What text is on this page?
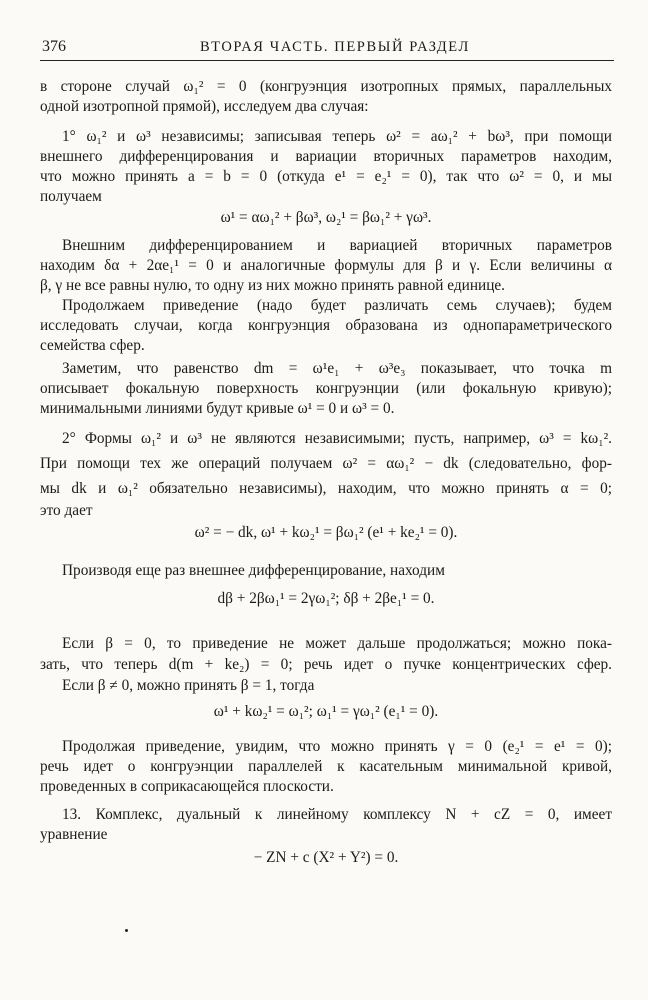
376	ВТОРАЯ ЧАСТЬ. ПЕРВЫЙ РАЗДЕЛ
в стороне случай ω₁² = 0 (конгруэнция изотропных прямых, параллельных
одной изотропной прямой), исследуем два случая:
1° ω₁² и ω³ независимы; записывая теперь ω² = aω₁² + bω³, при помощи
внешнего дифференцирования и вариации вторичных параметров находим,
что можно принять a = b = 0 (откуда e¹ = e₂¹ = 0), так что ω² = 0, и мы
получаем
ω¹ = αω₁² + βω³, ω₂¹ = βω₁² + γω³.
Внешним дифференцированием и вариацией вторичных параметров
находим δα + 2αe₁¹ = 0 и аналогичные формулы для β и γ. Если величины α
β, γ не все равны нулю, то одну из них можно принять равной единице.
Продолжаем приведение (надо будет различать семь случаев); будем
исследовать случаи, когда конгруэнция образована из однопараметрического
семейства сфер.
Заметим, что равенство dm = ω¹e₁ + ω³e₃ показывает, что точка m
описывает фокальную поверхность конгруэнции (или фокальную кривую);
минимальными линиями будут кривые ω¹ = 0 и ω³ = 0.
2° Формы ω₁² и ω³ не являются независимыми; пусть, например, ω³ = kω₁².
При помощи тех же операций получаем ω² = αω₁² − dk (следовательно, фор-
мы dk и ω₁² обязательно независимы), находим, что можно принять α = 0;
это дает
ω² = − dk, ω¹ + kω₂¹ = βω₁² (e¹ + ke₂¹ = 0).
Производя еще раз внешнее дифференцирование, находим
dβ + 2βω₁¹ = 2γω₁²; δβ + 2βe₁¹ = 0.
Если β = 0, то приведение не может дальше продолжаться; можно пока-
зать, что теперь d(m + ke₂) = 0; речь идет о пучке концентрических сфер.
Если β ≠ 0, можно принять β = 1, тогда
ω¹ + kω₂¹ = ω₁²; ω₁¹ = γω₁² (e₁¹ = 0).
Продолжая приведение, увидим, что можно принять γ = 0 (e₂¹ = e¹ = 0);
речь идет о конгруэнции параллелей к касательным минимальной кривой,
проведенных в соприкасающейся плоскости.
13. Комплекс, дуальный к линейному комплексу N + cZ = 0, имеет
уравнение
− ZN + c (X² + Y²) = 0.
